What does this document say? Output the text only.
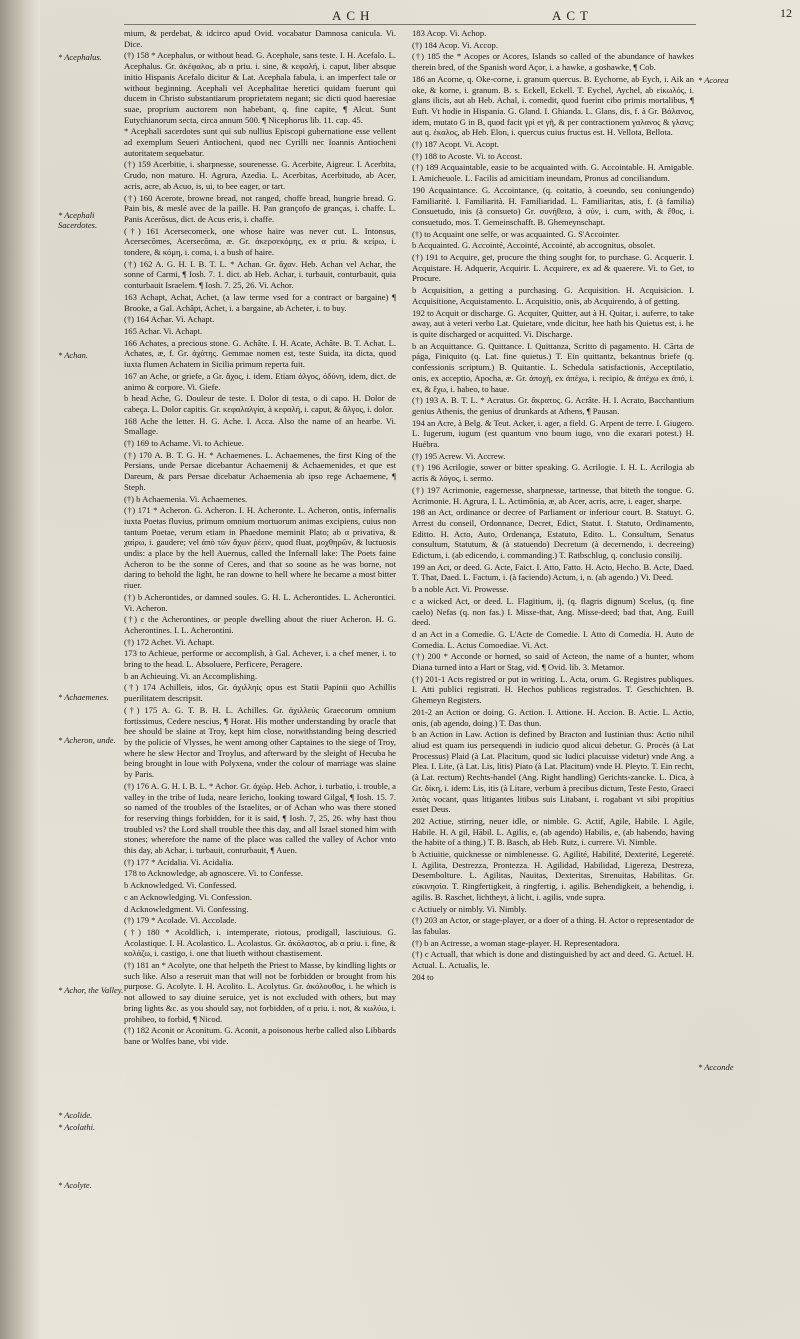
ACH	ACT	12
mium, & perdebat, & idcirco apud Ovid. vocabatur Damnosa canicula. Vi. Dice.
(†) 158 * Acephalus, or without head. G. Acephale, sans teste. I. H. Acefalo. L. Acephalus. Gr. ἀκέφαλος, ab α priu. i. sine, & κεφαλή, i. caput, liber absque initio Hispanis Acefalo dicitur & Lat. Acephala fabula, i. an imperfect tale or without beginning. Acephali vel Acephalitae heretici quidam fuerunt qui ducem in Christo substantiarum proprietatem negant; sic dicti quod haeresiae suae, proprium auctorem non habebant, q. fine capite, ¶ Alcut. Sunt Eutychianorum secta, circa annum 500. ¶ Nicephorus lib. 11. cap. 45.
* Acephali sacerdotes sunt qui sub nullius Episcopi gubernatione esse vellent ad exemplum Seueri Antiocheni, quod nec Cyrilli nec Ioannis Antiocheni autoritatem sequebatur.
(†) 159 Acerbitie, i. sharpnesse, sourenesse. G. Acerbite, Aigreur. I. Acerbita, Crudo, non maturo. H. Agrura, Azedia. L. Acerbitas, Acerbitudo, ab Acer, acris, acre, ab Acuo, is, ui, to bee eager, or tart.
(†) 160 Acerote, browne bread, not ranged, choffe bread, hungrie bread. G. Pain bis, & meslé avec de la paille. H. Pan grançofo de granças, i. chaffe. L. Panis Acerōsus, dict. de Acus eris, i. chaffe.
(†) 161 Acersecomeck, one whose haire was never cut. L. Intonsus, Acersecōmes, Acersecōma, æ. Gr. ἀκερσεκόμης, ex α priu. & κείρω, i. tondere, & κόμη, i. coma, i. a bush of haire.
(†) 162 A. G. H. I. B. T. L. * Achan. Gr. ἄχαν. Heb. Achan vel Achar, the sonne of Carmi, ¶ Iosh. 7. 1. dict. ab Heb. Achar, i. turbauit, conturbauit, quia conturbauit Israelem. ¶ Iosh. 7. 25, 26. Vi. Achor.
163 Achapt, Achat, Achet, (a law terme vsed for a contract or bargaine) ¶ Brooke, a Gal. Achâpt, Achet, i. a bargaine, ab Acheter, i. to buy.
(†) 164 Achar. Vi. Achapt.
165 Achar. Vi. Achapt.
166 Achates, a precious stone. G. Achâte. I. H. Acate, Achâte. B. T. Achat. L. Achates, æ, f. Gr. ἀχάτης. Gemmae nomen est, teste Suida, ita dicta, quod iuxta flumen Achatem in Sicilia primum reperta fuit.
167 an Ache, or griefe, a Gr. ἄχος, i. idem. Etiam ἀλγος, ὀδύνη, idem, dict. de animo & corpore. Vi. Giefe.
b head Ache, G. Douleur de teste. I. Dolor di testa, o di capo. H. Dolor de cabeça. L. Dolor capitis. Gr. κεφαλαλγία, à κεφαλή, i. caput, & ἄλγος, i. dolor.
168 Ache the letter. H. G. Ache. I. Acca. Also the name of an hearbe. Vi. Smallage.
(†) 169 to Achame. Vi. to Achieue.
(†) 170 A. B. T. G. H. * Achaemenes. L. Achaemenes, the first King of the Persians, unde Persae dicebantur Achaemenij & Achaemenides, et que est Dareum, & pars Persae dicebatur Achaemenia ab ipso rege Achaemene, ¶ Steph.
(†) b Achaemenia. Vi. Achaemenes.
(†) 171 * Acheron. G. Acheron. I. H. Acheronte. L. Acheron, ontis, infernalis iuxta Poetas fluvius, primum omnium mortuorum animas excipiens, cuius non tantum Poetae, verum etiam in Phaedone meminit Plato; ab α privativa, & χαίρω, i. gaudere; vel ἀπὸ τῶν ἄχων ῥέειν, quod fluat, μοχθηρῶν, & luctuosis undis: a place by the hell Auernus, called the Infernall lake: The Poets faine Acheron to be the sonne of Ceres, and that so soone as he was borne, not daring to behold the light, he ran downe to hell where he became a most bitter riuer.
(†) b Acherontides, or damned soules. G. H. L. Acherontides. L. Acherontici. Vi. Acheron.
(†) c the Acherontines, or people dwelling about the riuer Acheron. H. G. Acherontines. I. L. Acherontini.
(†) 172 Achet. Vi. Achapt.
173 to Achieue, performe or accomplish, à Gal. Achever, i. a chef mener, i. to bring to the head. L. Absoluere, Perficere, Peragere.
b an Achieuing. Vi. an Accomplishing.
(†) 174 Achilleis, idos, Gr. ἀχιλληίς opus est Statii Papinii quo Achillis puerilitatem descripsit.
(†) 175 A. G. T. B. H. L. Achilles. Gr. ἀχιλλεύς Graecorum omnium fortissimus, Cedere nescius, ¶ Horat. His mother understanding by oracle that hee should be slaine at Troy, kept him close, notwithstanding being descried by the policie of Vlysses, he went among other Captaines to the siege of Troy, where he slew Hector and Troylus, and afterward by the sleight of Hecuba he being brought in loue with Polyxena, vnder the colour of marriage was slaine by Paris.
(†) 176 A. G. H. I. B. L. * Achor. Gr. ἀχώρ. Heb. Achor, i. turbatio, i. trouble, a valley in the tribe of Iuda, neare Iericho, looking toward Gilgal, ¶ Iosh. 15. 7. so named of the troubles of the Israelites, or of Achan who was there stoned for reserving things forbidden, for it is said, ¶ Iosh. 7, 25, 26. why hast thou troubled vs? the Lord shall trouble thee this day, and all Israel stoned him with stones; wherefore the name of the place was called the valley of Achor vnto this day, ab Achar, i. turbauit, conturbauit, ¶ Auen.
(†) 177 * Acidalia. Vi. Acidalia.
178 to Acknowledge, ab agnoscere. Vi. to Confesse.
b Acknowledged. Vi. Confessed.
c an Acknowledging. Vi. Confession.
d Acknowledgment. Vi. Confessing.
(†) 179 * Acolade. Vi. Accolade.
(†) 180 * Acoldlich, i. intemperate, riotous, prodigall, lasciuious. G. Acolastique. I. H. Acolastico. L. Acolastus. Gr. ἀκόλαστος, ab α priu. i. fine, & κολάζω, i. castigo, i. one that liueth without chastisement.
(†) 181 an * Acolyte, one that helpeth the Priest to Masse, by kindling lights or such like. Also a reseruit man that will not be forbidden or brought from his purpose. G. Acolyte. I. H. Acolito. L. Acolytus. Gr. ἀκόλουθος, i. he which is not allowed to say diuine seruice, yet is not excluded with others, but may bring lights &c. as you should say, not forbidden, of α priu. i. not, & κωλύω, i. prohibeo, to forbid, ¶ Nicod.
(†) 182 Aconit or Aconitum. G. Aconit, a poisonous herbe called also Libbards bane or Wolfes bane, vbi vide.
183 Acop. Vi. Achop.
(†) 184 Acop. Vi. Accop.
(†) 185 the * Acopes or Acores, Islands so called of the abundance of hawkes therein bred, of the Spanish word Açor, i. a hawke, a goshawke, ¶ Cob.
186 an Acorne, q. Oke-corne, i. granum quercus. B. Eychorne, ab Eych, i. Aik an oke, & korne, i. granum. B. s. Eckell, Eckell. T. Eychel, Aychel, ab εἰκωλός, i. glans ilicis, aut ab Heb. Achal, i. comedit, quod fuerint cibo primis mortalibus, ¶ Euft. Vt hodie in Hispania. G. Gland. I. Ghianda. L. Glans, dis, f. à Gr. Βάλανος, idem, mutato G in B, quod facit γρὶ et γῆ, & per contractionem γαλανος & γλανς; aut q. ἐκαλος, ab Heb. Elon, i. quercus cuius fructus est. H. Vellota, Bellota.
(†) 187 Acopt. Vi. Acopt.
(†) 188 to Acoste. Vi. to Accost.
(†) 189 Acquaintable, easie to be acquainted with. G. Accointable. H. Amigable. I. Amicheuole. L. Facilis ad amicitiam ineundam, Pronus ad conciliandum.
190 Acquaintance. G. Accointance, (q. coitatio, à coeundo, seu coniungendo) Familiarité. I. Familiarità. H. Familiaridad. L. Familiaritas, atis, f. (à familia) Consuetudo, inis (à consueto) Gr. συνήθεια, à σύν, i. cum, with, & ἔθος, i. consuetudo, mos. T. Gemeinschafft. B. Ghemeynschapt.
(†) to Acquaint one selfe, or was acquainted. G. S'Accointer.
b Acquainted. G. Accointé, Accointé, Accointé, ab accognitus, obsolet.
(†) 191 to Acquire, get, procure the thing sought for, to purchase. G. Acquerir. I. Acquistare. H. Adquerir, Acquirir. L. Acquirere, ex ad & quaerere. Vi. to Get, to Procure.
b Acquisition, a getting a purchasing. G. Acquisition. H. Acquisicion. I. Acquisitione, Acquistamento. L. Acquisitio, onis, ab Acquirendo, à of getting.
192 to Acquit or discharge. G. Acquiter, Quitter, aut à H. Quitar, i. auferre, to take away, aut à veteri verbo Lat. Quietare, vnde dicitur, hee hath his Quietus est, i. he is quite discharged or acquitted. Vi. Discharge.
b an Acquittance. G. Quittance. I. Quittanza, Scritto di pagamento. H. Cārta de pága, Finiquito (q. Lat. fine quietus.) T. Ein quittantz, bekantnus briefe (q. confessionis scriptum.) B. Quitantie. L. Schedula satisfactionis, Acceptilatio, onis, ex acceptio, Apocha, æ. Gr. ἀποχή, ex ἀπέχω, i. recipio, & ἀπέχω ex ἀπό, i. ex, & ἔχω, i. habeo, to haue.
(†) 193 A. B. T. L. * Acratus. Gr. ἄκρατος. G. Acrâte. H. I. Acrato, Bacchantium genius Athenis, the genius of drunkards at Athens, ¶ Pausan.
194 an Acre, à Belg. & Teut. Acker, i. ager, a field. G. Arpent de terre. I. Giugero. L. Iugerum, iugum (est quantum vno boum iugo, vno die exarari potest.) H. Huébra.
(†) 195 Acrew. Vi. Accrew.
(†) 196 Acrilogie, sower or bitter speaking. G. Acrilogie. I. H. L. Acrilogia ab acris & λόγος, i. sermo.
(†) 197 Acrimonie, eagernesse, sharpnesse, tartnesse, that biteth the tongue. G. Acrimonie. H. Agrura, I. L. Actimōnia, æ, ab Acer, acris, acre, i. eager, sharpe.
198 an Act, ordinance or decree of Parliament or inferiour court. B. Statuyt. G. Arrest du conseil, Ordonnance, Decret, Edict, Statut. I. Statuto, Ordinamento, Editto. H. Acto, Auto, Ordenança, Estatuto, Edito. L. Consultum, Senatus consultum, Statutum, & (à statuendo) Decretum (à decernendo, i. decreeing) Edictum, i. (ab edicendo, i. commanding.) T. Ratbschlug, q. conclusio consilij.
199 an Act, or deed. G. Acte, Faict. I. Atto, Fatto. H. Acto, Hecho. B. Acte, Daed. T. That, Daed. L. Factum, i. (à faciendo) Actum, i, n. (ab agendo.) Vi. Deed.
b a noble Act. Vi. Prowesse.
c a wicked Act, or deed. L. Flagitium, ij, (q. flagris dignum) Scelus, (q. fine caelo) Nefas (q. non fas.) I. Misse-that, Ang. Misse-deed; bad that, Ang. Euill deed.
d an Act in a Comedie. G. L'Acte de Comedie. I. Atto di Comedia. H. Auto de Comedia. L. Actus Comoediae. Vi. Act.
(†) 200 * Acconde or horned, so said of Acteon, the name of a hunter, whom Diana turned into a Hart or Stag, vid. ¶ Ovid. lib. 3. Metamor.
(†) 201-1 Acts registred or put in writing. L. Acta, orum. G. Registres publiques. I. Atti publici registrati. H. Hechos publicos registrados. T. Geschichten. B. Ghemeyn Registers.
201-2 an Action or doing. G. Action. I. Attione. H. Accion. B. Actie. L. Actio, onis, (ab agendo, doing.) T. Das thun.
b an Action in Law. Action is defined by Bracton and Iustinian thus: Actio nihil aliud est quam ius persequendi in iudicio quod alicui debetur. G. Procès (à Lat Processus) Plaid (à Lat. Placitum, quod sic Iudici placuisse videtur) vnde Ang. a Plea. I. Lite, (à Lat. Lis, litis) Piato (à Lat. Placitum) vnde H. Pleyto. T. Ein recht, (à Lat. rectum) Rechts-handel (Ang. Right handling) Gerichts-zancke. L. Dica, à Gr. δίκη, i. idem: Lis, itis (à Litare, verbum à precibus dictum, Teste Festo, Graeci λιτὰς vocant, quas litigantes litibus suis Litabant, i. rogabant vt sibi propitius esset Deus.
202 Actiue, stirring, neuer idle, or nimble. G. Actif, Agile, Habile. I. Agile, Habile. H. A gil, Hābil. L. Agilis, e, (ab agendo) Habilis, e, (ab habendo, having the habite of a thing.) T. B. Basch, ab Heb. Rutz, i. currere. Vi. Nimble.
b Actiuitie, quicknesse or nimblenesse. G. Agilité, Habilité, Dexterité, Legereté. I. Agilita, Destrezza, Prontezza. H. Agilidad, Habilidad, Ligereza, Destreza, Desembolture. L. Agilitas, Nauitas, Dexteritas, Strenuitas, Habilitas. Gr. εὐκινησία. T. Ringfertigkeit, à ringfertig, i. agilis. Behendigkeit, a behendig, i. agilis. B. Raschet, lichtheyt, à licht, i. agilis, vnde supra.
c Actiuely or nimbly. Vi. Nimbly.
(†) 203 an Actor, or stage-player, or a doer of a thing. H. Actor o representador de las fabulas.
(†) b an Actresse, a woman stage-player. H. Representadora.
(†) c Actuall, that which is done and distinguished by act and deed. G. Actuel. H. Actual. L. Actualis, le.
204 to
* Acephalus.
* Acephali Sacerdotes.
* Achan.
* Achaemenes.
* Acheron, unde.
* Achor, the Valley.
* Acolide.
* Acolathi.
* Acolyte.
* Acorea
* Acconde
